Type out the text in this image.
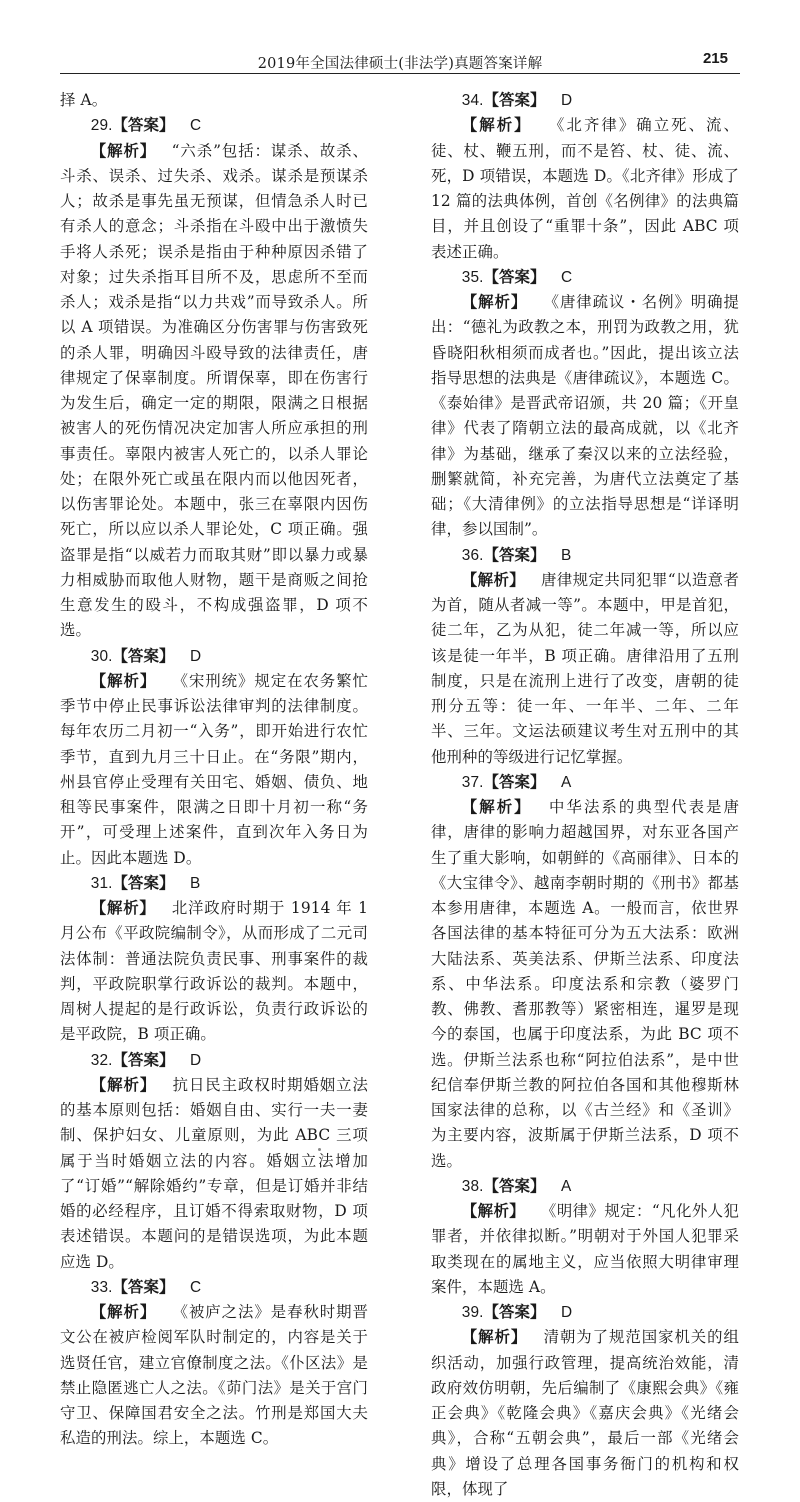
2019年全国法律硕士(非法学)真题答案详解	215

择 A。

29.【答案】  C

【解析】  “六杀”包括：谋杀、故杀、斗杀、误杀、过失杀、戏杀。谋杀是预谋杀人；故杀是事先虽无预谋，但情急杀人时已有杀人的意念；斗杀指在斗殴中出于激愤失手将人杀死；误杀是指由于种种原因杀错了对象；过失杀指耳目所不及，思虑所不至而杀人；戏杀是指“以力共戏”而导致杀人。所以 A 项错误。为准确区分伤害罪与伤害致死的杀人罪，明确因斗殴导致的法律责任，唐律规定了保辜制度。所谓保辜，即在伤害行为发生后，确定一定的期限，限满之日根据被害人的死伤情况决定加害人所应承担的刑事责任。辜限内被害人死亡的，以杀人罪论处；在限外死亡或虽在限内而以他因死者，以伤害罪论处。本题中，张三在辜限内因伤死亡，所以应以杀人罪论处，C 项正确。强盗罪是指“以威若力而取其财”即以暴力或暴力相威胁而取他人财物，题干是商贩之间抢生意发生的殴斗，不构成强盗罪，D 项不选。

30.【答案】  D

【解析】  《宋刑统》规定在农务繁忙季节中停止民事诉讼法律审判的法律制度。每年农历二月初一“入务”，即开始进行农忙季节，直到九月三十日止。在“务限”期内，州县官停止受理有关田宅、婚姻、债负、地租等民事案件，限满之日即十月初一称“务开”，可受理上述案件，直到次年入务日为止。因此本题选 D。

31.【答案】  B

【解析】  北洋政府时期于 1914 年 1 月公布《平政院编制令》，从而形成了二元司法体制：普通法院负责民事、刑事案件的裁判，平政院职掌行政诉讼的裁判。本题中，周树人提起的是行政诉讼，负责行政诉讼的是平政院，B 项正确。

32.【答案】  D

【解析】  抗日民主政权时期婚姻立法的基本原则包括：婚姻自由、实行一夫一妻制、保护妇女、儿童原则，为此 ABC 三项属于当时婚姻立法的内容。婚姻立法增加了“订婚”“解除婚约”专章，但是订婚并非结婚的必经程序，且订婚不得索取财物，D 项表述错误。本题问的是错误选项，为此本题应选 D。

33.【答案】  C

【解析】  《被庐之法》是春秋时期晋文公在被庐检阅军队时制定的，内容是关于选贤任官，建立官僚制度之法。《仆区法》是禁止隐匿逃亡人之法。《茆门法》是关于宫门守卫、保障国君安全之法。竹刑是郑国大夫私造的刑法。综上，本题选 C。

34.【答案】  D

【解析】  《北齐律》确立死、流、徒、杖、鞭五刑，而不是笞、杖、徒、流、死，D 项错误，本题选 D。《北齐律》形成了 12 篇的法典体例，首创《名例律》的法典篇目，并且创设了“重罪十条”，因此 ABC 项表述正确。

35.【答案】  C

【解析】  《唐律疏议・名例》明确提出：“德礼为政教之本，刑罚为政教之用，犹昏晓阳秋相须而成者也。”因此，提出该立法指导思想的法典是《唐律疏议》，本题选 C。《泰始律》是晋武帝诏颁，共 20 篇；《开皇律》代表了隋朝立法的最高成就，以《北齐律》为基础，继承了秦汉以来的立法经验，删繁就简，补充完善，为唐代立法奠定了基础；《大清律例》的立法指导思想是“详译明律，参以国制”。

36.【答案】  B

【解析】  唐律规定共同犯罪“以造意者为首，随从者减一等”。本题中，甲是首犯，徒二年，乙为从犯，徒二年减一等，所以应该是徒一年半，B 项正确。唐律沿用了五刑制度，只是在流刑上进行了改变，唐朝的徒刑分五等：徒一年、一年半、二年、二年半、三年。文运法硕建议考生对五刑中的其他刑种的等级进行记忆掌握。

37.【答案】  A

【解析】  中华法系的典型代表是唐律，唐律的影响力超越国界，对东亚各国产生了重大影响，如朝鲜的《高丽律》、日本的《大宝律令》、越南李朝时期的《刑书》都基本参用唐律，本题选 A。一般而言，依世界各国法律的基本特征可分为五大法系：欧洲大陆法系、英美法系、伊斯兰法系、印度法系、中华法系。印度法系和宗教（婆罗门教、佛教、耆那教等）紧密相连，暹罗是现今的泰国，也属于印度法系，为此 BC 项不选。伊斯兰法系也称“阿拉伯法系”，是中世纪信奉伊斯兰教的阿拉伯各国和其他穆斯林国家法律的总称，以《古兰经》和《圣训》为主要内容，波斯属于伊斯兰法系，D 项不选。

38.【答案】  A

【解析】  《明律》规定：“凡化外人犯罪者，并依律拟断。”明朝对于外国人犯罪采取类现在的属地主义，应当依照大明律审理案件，本题选 A。

39.【答案】  D

【解析】  清朝为了规范国家机关的组织活动，加强行政管理，提高统治效能，清政府效仿明朝，先后编制了《康熙会典》《雍正会典》《乾隆会典》《嘉庆会典》《光绪会典》，合称“五朝会典”，最后一部《光绪会典》增设了总理各国事务衙门的机构和权限，体现了
